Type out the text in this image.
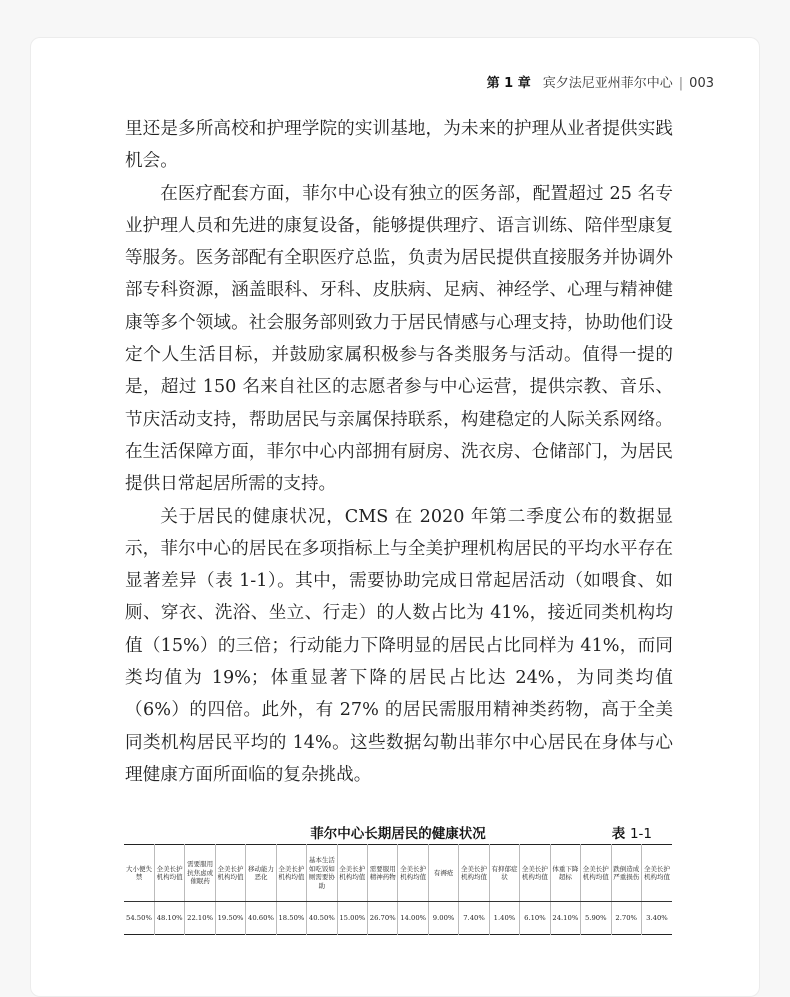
第 1 章 宾夕法尼亚州菲尔中心 | 003

里还是多所高校和护理学院的实训基地，为未来的护理从业者提供实践机会。

在医疗配套方面，菲尔中心设有独立的医务部，配置超过 25 名专业护理人员和先进的康复设备，能够提供理疗、语言训练、陪伴型康复等服务。医务部配有全职医疗总监，负责为居民提供直接服务并协调外部专科资源，涵盖眼科、牙科、皮肤病、足病、神经学、心理与精神健康等多个领域。社会服务部则致力于居民情感与心理支持，协助他们设定个人生活目标，并鼓励家属积极参与各类服务与活动。值得一提的是，超过 150 名来自社区的志愿者参与中心运营，提供宗教、音乐、节庆活动支持，帮助居民与亲属保持联系，构建稳定的人际关系网络。在生活保障方面，菲尔中心内部拥有厨房、洗衣房、仓储部门，为居民提供日常起居所需的支持。

关于居民的健康状况，CMS 在 2020 年第二季度公布的数据显示，菲尔中心的居民在多项指标上与全美护理机构居民的平均水平存在显著差异（表 1-1）。其中，需要协助完成日常起居活动（如喂食、如厕、穿衣、洗浴、坐立、行走）的人数占比为 41%，接近同类机构均值（15%）的三倍；行动能力下降明显的居民占比同样为 41%，而同类均值为 19%；体重显著下降的居民占比达 24%，为同类均值（6%）的四倍。此外，有 27% 的居民需服用精神类药物，高于全美同类机构居民平均的 14%。这些数据勾勒出菲尔中心居民在身体与心理健康方面所面临的复杂挑战。

菲尔中心长期居民的健康状况	表 1-1
大小便失禁	全美长护机构均值	需要服用抗焦虑或催眠药	全美长护机构均值	移动能力恶化	全美长护机构均值	基本生活如吃饭如厕需要协助	全美长护机构均值	需要服用精神药物	全美长护机构均值	有褥疮	全美长护机构均值	有抑郁症状	全美长护机构均值	体重下降超标	全美长护机构均值	跌倒造成严重损伤	全美长护机构均值
54.50%	48.10%	22.10%	19.50%	40.60%	18.50%	40.50%	15.00%	26.70%	14.00%	9.00%	7.40%	1.40%	6.10%	24.10%	5.90%	2.70%	3.40%
